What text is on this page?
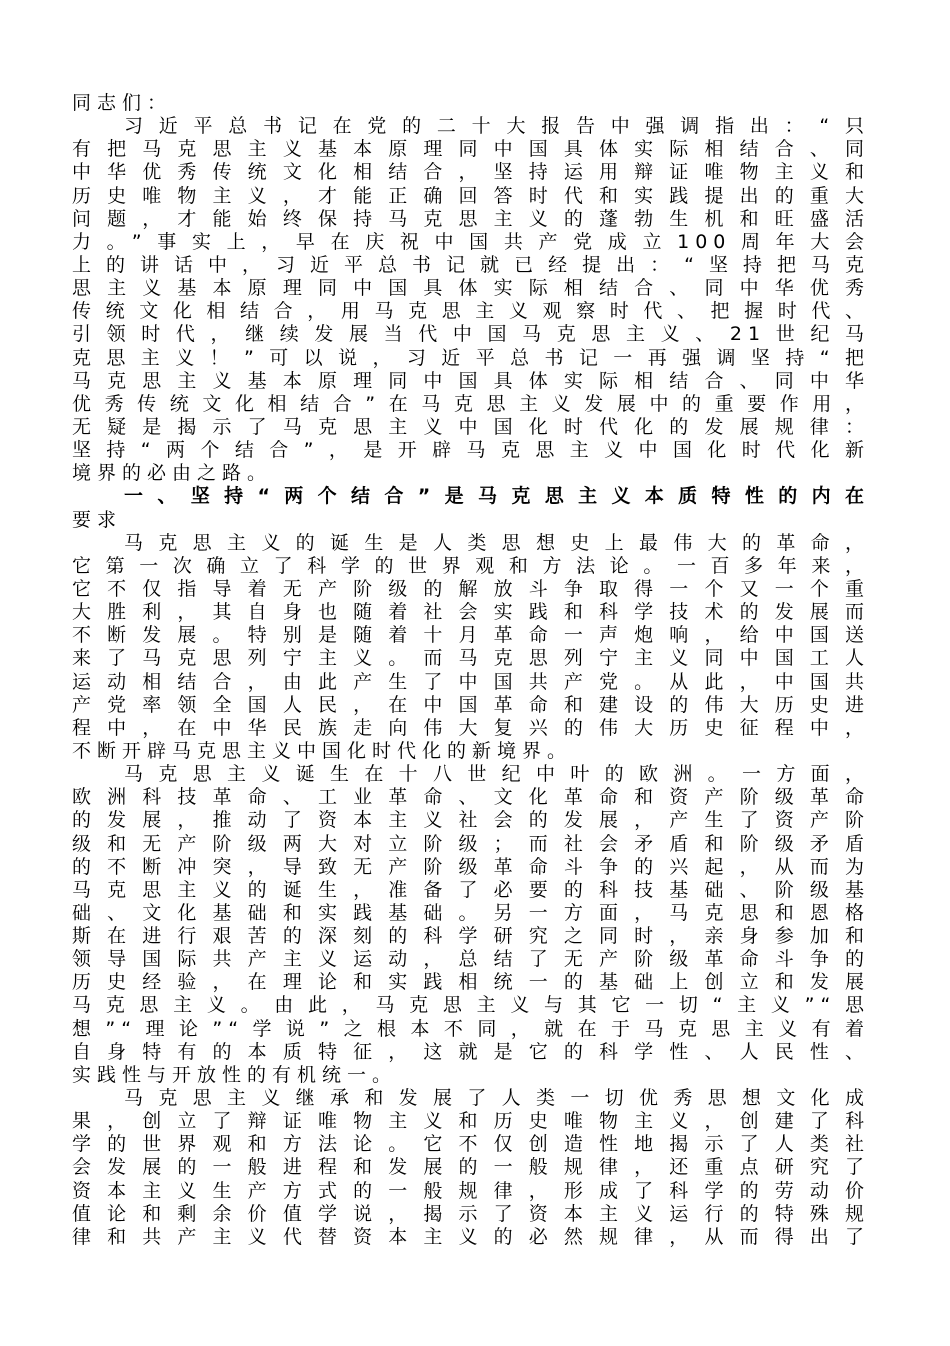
同志们：
习近平总书记在党的二十大报告中强调指出：“只
有把马克思主义基本原理同中国具体实际相结合、同
中华优秀传统文化相结合，坚持运用辩证唯物主义和
历史唯物主义，才能正确回答时代和实践提出的重大
问题，才能始终保持马克思主义的蓬勃生机和旺盛活
力。”事实上，早在庆祝中国共产党成立100周年大会
上的讲话中，习近平总书记就已经提出：“坚持把马克
思主义基本原理同中国具体实际相结合、同中华优秀
传统文化相结合，用马克思主义观察时代、把握时代、
引领时代，继续发展当代中国马克思主义、21世纪马
克思主义！”可以说，习近平总书记一再强调坚持“把
马克思主义基本原理同中国具体实际相结合、同中华
优秀传统文化相结合”在马克思主义发展中的重要作用，
无疑是揭示了马克思主义中国化时代化的发展规律：
坚持“两个结合”，是开辟马克思主义中国化时代化新
境界的必由之路。
一、坚持“两个结合”是马克思主义本质特性的内在
要求
马克思主义的诞生是人类思想史上最伟大的革命，
它第一次确立了科学的世界观和方法论。一百多年来，
它不仅指导着无产阶级的解放斗争取得一个又一个重
大胜利，其自身也随着社会实践和科学技术的发展而
不断发展。特别是随着十月革命一声炮响，给中国送
来了马克思列宁主义。而马克思列宁主义同中国工人
运动相结合，由此产生了中国共产党。从此，中国共
产党率领全国人民，在中国革命和建设的伟大历史进
程中，在中华民族走向伟大复兴的伟大历史征程中，
不断开辟马克思主义中国化时代化的新境界。
马克思主义诞生在十八世纪中叶的欧洲。一方面，
欧洲科技革命、工业革命、文化革命和资产阶级革命
的发展，推动了资本主义社会的发展，产生了资产阶
级和无产阶级两大对立阶级；而社会矛盾和阶级矛盾
的不断冲突，导致无产阶级革命斗争的兴起，从而为
马克思主义的诞生，准备了必要的科技基础、阶级基
础、文化基础和实践基础。另一方面，马克思和恩格
斯在进行艰苦的深刻的科学研究之同时，亲身参加和
领导国际共产主义运动，总结了无产阶级革命斗争的
历史经验，在理论和实践相统一的基础上创立和发展
马克思主义。由此，马克思主义与其它一切“主义”“思
想”“理论”“学说”之根本不同，就在于马克思主义有着
自身特有的本质特征，这就是它的科学性、人民性、
实践性与开放性的有机统一。
马克思主义继承和发展了人类一切优秀思想文化成
果，创立了辩证唯物主义和历史唯物主义，创建了科
学的世界观和方法论。它不仅创造性地揭示了人类社
会发展的一般进程和发展的一般规律，还重点研究了
资本主义生产方式的一般规律，形成了科学的劳动价
值论和剩余价值学说，揭示了资本主义运行的特殊规
律和共产主义代替资本主义的必然规律，从而得出了
